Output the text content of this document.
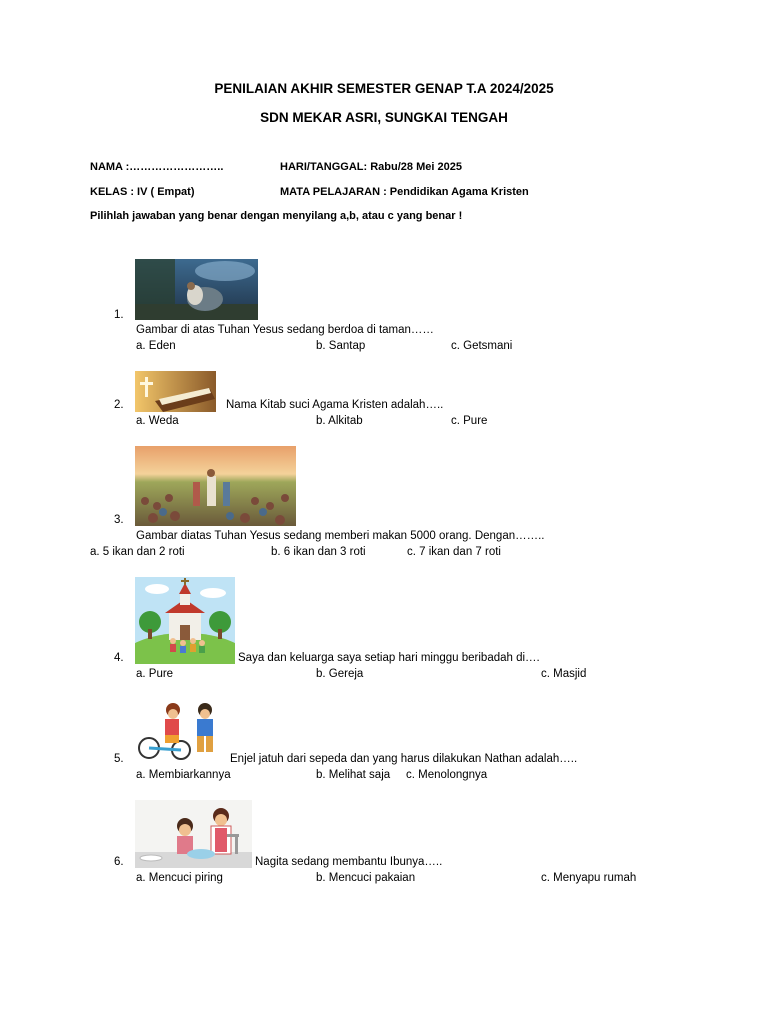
PENILAIAN AKHIR SEMESTER GENAP T.A 2024/2025
SDN MEKAR ASRI, SUNGKAI TENGAH
NAMA :……………………..	HARI/TANGGAL: Rabu/28 Mei 2025
KELAS : IV ( Empat)	MATA PELAJARAN : Pendidikan Agama Kristen
Pilihlah jawaban yang benar dengan menyilang a,b, atau c yang benar !
1.
Gambar di atas Tuhan Yesus sedang berdoa di taman……
a. Eden	b. Santap	c. Getsmani
2.	Nama Kitab suci Agama Kristen adalah…..
a. Weda	b. Alkitab	c. Pure
3.
Gambar diatas Tuhan Yesus sedang memberi makan 5000 orang. Dengan……..
a. 5 ikan dan 2 roti	b. 6 ikan dan 3 roti	c. 7 ikan dan 7 roti
4.	Saya dan keluarga saya setiap hari minggu beribadah di….
a. Pure	b. Gereja	c. Masjid
5.	Enjel jatuh dari sepeda dan yang harus dilakukan Nathan adalah…..
a. Membiarkannya	b. Melihat saja c. Menolongnya
6.	Nagita sedang membantu Ibunya…..
a. Mencuci piring	b. Mencuci pakaian	c. Menyapu rumah
